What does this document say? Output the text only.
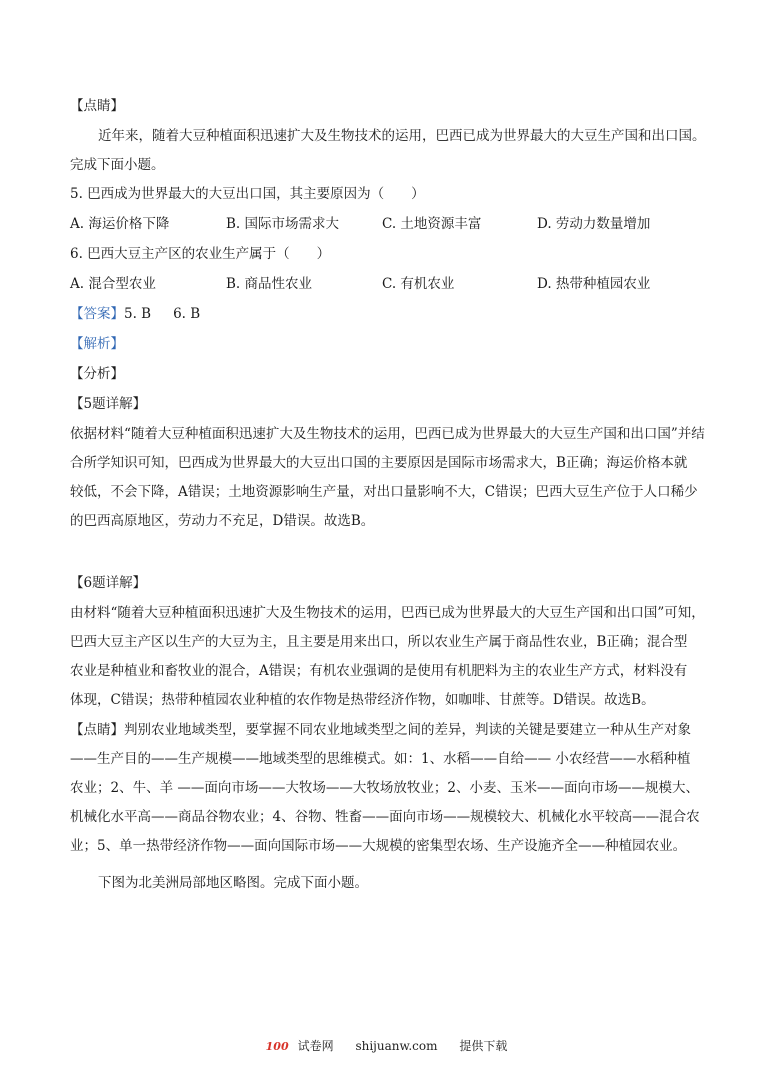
【点睛】
近年来，随着大豆种植面积迅速扩大及生物技术的运用，巴西已成为世界最大的大豆生产国和出口国。
完成下面小题。
5. 巴西成为世界最大的大豆出口国，其主要原因为（　　）
A. 海运价格下降	B. 国际市场需求大	C. 土地资源丰富	D. 劳动力数量增加
6. 巴西大豆主产区的农业生产属于（　　）
A. 混合型农业	B. 商品性农业	C. 有机农业	D. 热带种植园农业
【答案】5. B 6. B
【解析】
【分析】
【5题详解】
依据材料“随着大豆种植面积迅速扩大及生物技术的运用，巴西已成为世界最大的大豆生产国和出口国”并结
合所学知识可知，巴西成为世界最大的大豆出口国的主要原因是国际市场需求大，B正确；海运价格本就
较低，不会下降，A错误；土地资源影响生产量，对出口量影响不大，C错误；巴西大豆生产位于人口稀少
的巴西高原地区，劳动力不充足，D错误。故选B。
【6题详解】
由材料“随着大豆种植面积迅速扩大及生物技术的运用，巴西已成为世界最大的大豆生产国和出口国”可知，
巴西大豆主产区以生产的大豆为主，且主要是用来出口，所以农业生产属于商品性农业，B正确；混合型
农业是种植业和畜牧业的混合，A错误；有机农业强调的是使用有机肥料为主的农业生产方式，材料没有
体现，C错误；热带种植园农业种植的农作物是热带经济作物，如咖啡、甘蔗等。D错误。故选B。
【点睛】判别农业地域类型，要掌握不同农业地域类型之间的差异，判读的关键是要建立一种从生产对象
——生产目的——生产规模——地域类型的思维模式。如：1、水稻——自给—— 小农经营——水稻种植
农业；2、牛、羊 ——面向市场——大牧场——大牧场放牧业；2、小麦、玉米——面向市场——规模大、
机械化水平高——商品谷物农业；4、谷物、牲畜——面向市场——规模较大、机械化水平较高——混合农
业；5、单一热带经济作物——面向国际市场——大规模的密集型农场、生产设施齐全——种植园农业。
下图为北美洲局部地区略图。完成下面小题。
100 试卷网 shijuanw.com 提供下载
